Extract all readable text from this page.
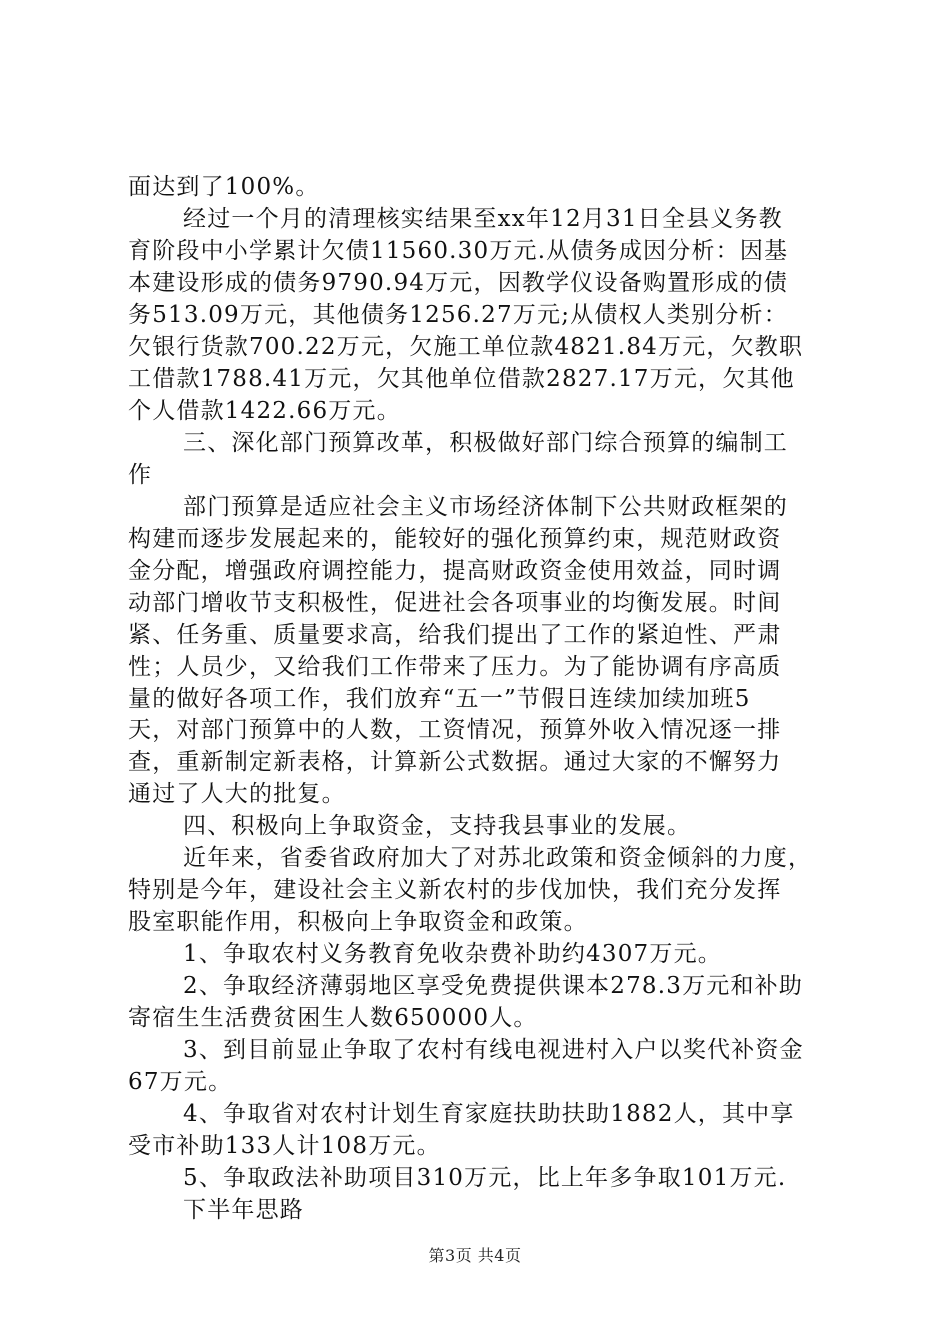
面达到了100%。
经过一个月的清理核实结果至xx年12月31日全县义务教
育阶段中小学累计欠债11560.30万元.从债务成因分析：因基
本建设形成的债务9790.94万元，因教学仪设备购置形成的债
务513.09万元，其他债务1256.27万元;从债权人类别分析：
欠银行货款700.22万元，欠施工单位款4821.84万元，欠教职
工借款1788.41万元，欠其他单位借款2827.17万元，欠其他
个人借款1422.66万元。
三、深化部门预算改革，积极做好部门综合预算的编制工
作
部门预算是适应社会主义市场经济体制下公共财政框架的
构建而逐步发展起来的，能较好的强化预算约束，规范财政资
金分配，增强政府调控能力，提高财政资金使用效益，同时调
动部门增收节支积极性，促进社会各项事业的均衡发展。时间
紧、任务重、质量要求高，给我们提出了工作的紧迫性、严肃
性；人员少，又给我们工作带来了压力。为了能协调有序高质
量的做好各项工作，我们放弃“五一”节假日连续加续加班5
天，对部门预算中的人数，工资情况，预算外收入情况逐一排
查，重新制定新表格，计算新公式数据。通过大家的不懈努力
通过了人大的批复。
四、积极向上争取资金，支持我县事业的发展。
近年来，省委省政府加大了对苏北政策和资金倾斜的力度，
特别是今年，建设社会主义新农村的步伐加快，我们充分发挥
股室职能作用，积极向上争取资金和政策。
1、争取农村义务教育免收杂费补助约4307万元。
2、争取经济薄弱地区享受免费提供课本278.3万元和补助
寄宿生生活费贫困生人数650000人。
3、到目前显止争取了农村有线电视进村入户以奖代补资金
67万元。
4、争取省对农村计划生育家庭扶助扶助1882人，其中享
受市补助133人计108万元。
5、争取政法补助项目310万元，比上年多争取101万元.
下半年思路
第3页 共4页
